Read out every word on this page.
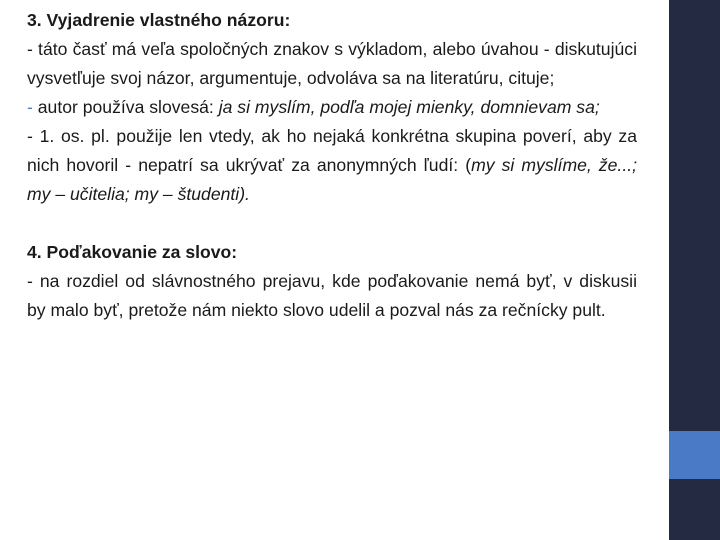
3. Vyjadrenie vlastného názoru:
- táto časť má veľa spoločných znakov s výkladom, alebo úvahou - diskutujúci vysvetľuje svoj názor, argumentuje, odvoláva sa na literatúru, cituje;
- autor používa slovesá: ja si myslím, podľa mojej mienky, domnievam sa;
- 1. os. pl. použije len vtedy, ak ho nejaká konkrétna skupina poverí, aby za nich hovoril - nepatrí sa ukrývať za anonymných ľudí: (my si myslíme, že...; my – učitelia; my – študenti).
4. Poďakovanie za slovo:
- na rozdiel od slávnostného prejavu, kde poďakovanie nemá byť, v diskusii by malo byť, pretože nám niekto slovo udelil a pozval nás za rečnícky pult.
